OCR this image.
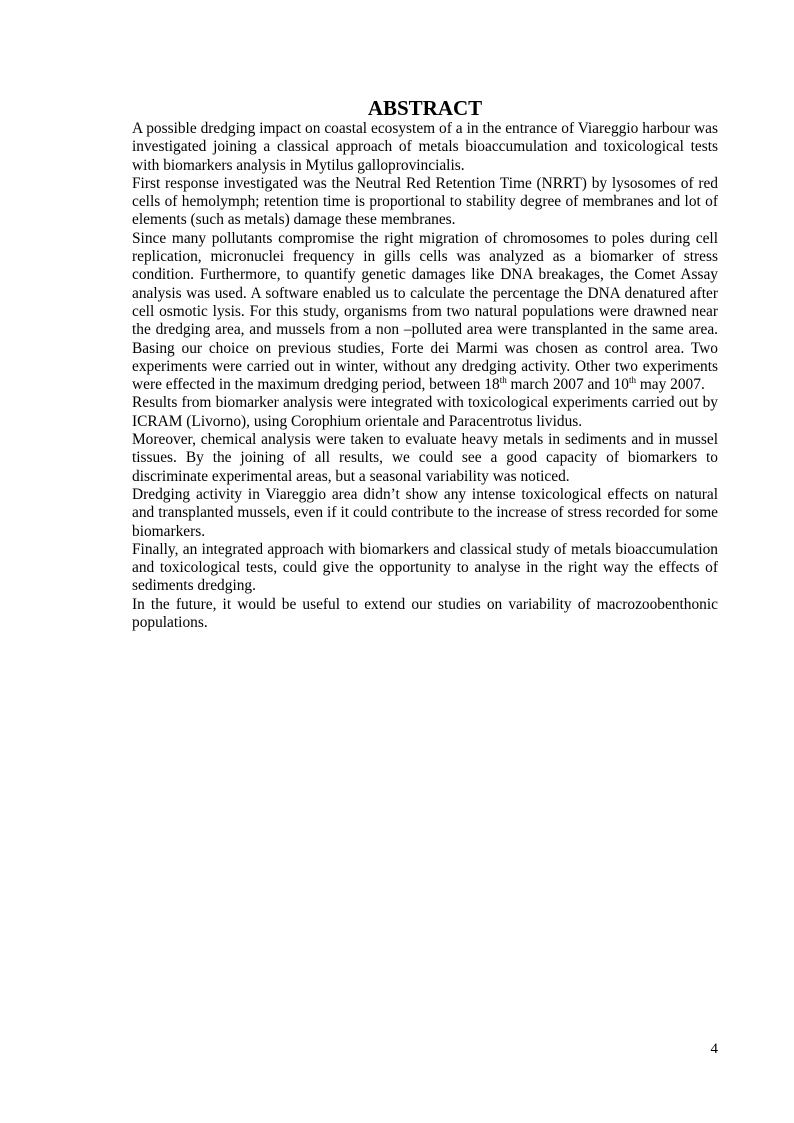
ABSTRACT

A possible dredging impact on coastal ecosystem of a in the entrance of Viareggio harbour was investigated joining a classical approach of metals bioaccumulation and toxicological tests with biomarkers analysis in Mytilus galloprovincialis.

First response investigated was the Neutral Red Retention Time (NRRT) by lysosomes of red cells of hemolymph; retention time is proportional to stability degree of membranes and lot of elements (such as metals) damage these membranes.

Since many pollutants compromise the right migration of chromosomes to poles during cell replication, micronuclei frequency in gills cells was analyzed as a biomarker of stress condition. Furthermore, to quantify genetic damages like DNA breakages, the Comet Assay analysis was used. A software enabled us to calculate the percentage the DNA denatured after cell osmotic lysis. For this study, organisms from two natural populations were drawned near the dredging area, and mussels from a non –polluted area were transplanted in the same area. Basing our choice on previous studies, Forte dei Marmi was chosen as control area. Two experiments were carried out in winter, without any dredging activity. Other two experiments were effected in the maximum dredging period, between 18th march 2007 and 10th may 2007.

Results from biomarker analysis were integrated with toxicological experiments carried out by ICRAM (Livorno), using Corophium orientale and Paracentrotus lividus.

Moreover, chemical analysis were taken to evaluate heavy metals in sediments and in mussel tissues. By the joining of all results, we could see a good capacity of biomarkers to discriminate experimental areas, but a seasonal variability was noticed.

Dredging activity in Viareggio area didn’t show any intense toxicological effects on natural and transplanted mussels, even if it could contribute to the increase of stress recorded for some biomarkers.

Finally, an integrated approach with biomarkers and classical study of metals bioaccumulation and toxicological tests, could give the opportunity to analyse in the right way the effects of sediments dredging.

In the future, it would be useful to extend our studies on variability of macrozoobenthonic populations.

4
